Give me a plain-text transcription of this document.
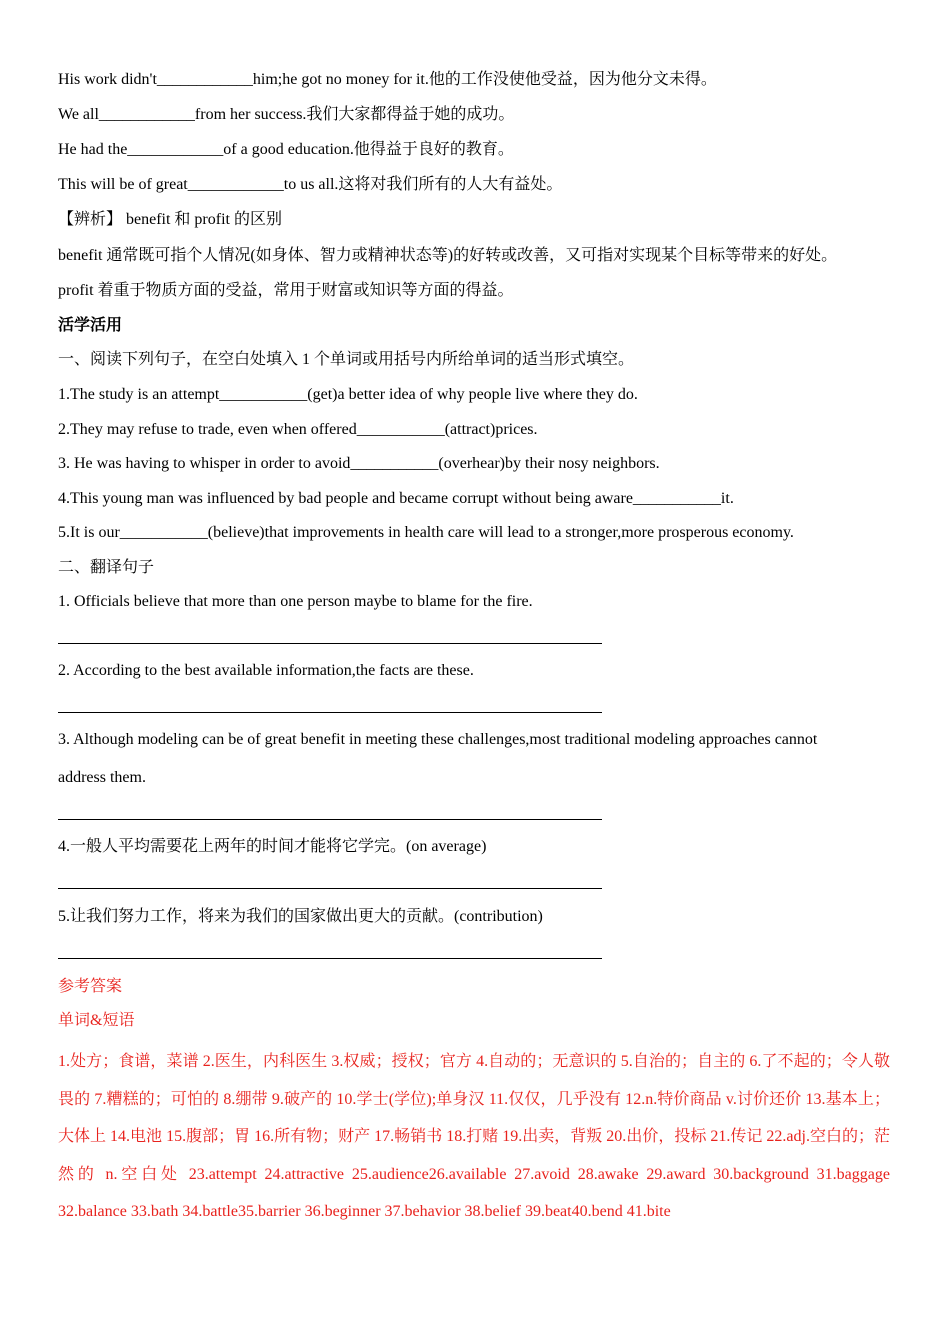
His work didn't____________him;he got no money for it.他的工作没使他受益，因为他分文未得。
We all____________from her success.我们大家都得益于她的成功。
He had the____________of a good education.他得益于良好的教育。
This will be of great____________to us all.这将对我们所有的人大有益处。
【辨析】 benefit 和 profit 的区别
benefit 通常既可指个人情况(如身体、智力或精神状态等)的好转或改善，又可指对实现某个目标等带来的好处。
profit 着重于物质方面的受益，常用于财富或知识等方面的得益。
活学活用
一、阅读下列句子，在空白处填入 1 个单词或用括号内所给单词的适当形式填空。
1.The study is an attempt___________(get)a better idea of why people live where they do.
2.They may refuse to trade, even when offered___________(attract)prices.
3. He was having to whisper in order to avoid___________(overhear)by their nosy neighbors.
4.This young man was influenced by bad people and became corrupt without being aware___________it.
5.It is our___________(believe)that improvements in health care will lead to a stronger,more prosperous economy.
二、翻译句子
1. Officials believe that more than one person maybe to blame for the fire.
2. According to the best available information,the facts are these.
3. Although modeling can be of great benefit in meeting these challenges,most traditional modeling approaches cannot
address them.
4.一般人平均需要花上两年的时间才能将它学完。(on average)
5.让我们努力工作，将来为我们的国家做出更大的贡献。(contribution)
参考答案
单词&短语
1.处方；食谱，菜谱 2.医生，内科医生 3.权威；授权；官方 4.自动的；无意识的 5.自治的；自主的 6.了不起的；令人敬畏的 7.糟糕的；可怕的 8.绷带 9.破产的 10.学士(学位);单身汉 11.仅仅，几乎没有 12.n.特价商品 v.讨价还价 13.基本上；大体上 14.电池 15.腹部；胃 16.所有物；财产 17.畅销书 18.打赌 19.出卖，背叛 20.出价，投标 21.传记 22.adj.空白的；茫然的 n.空白处 23.attempt 24.attractive 25.audience26.available 27.avoid 28.awake 29.award 30.background 31.baggage 32.balance 33.bath 34.battle35.barrier 36.beginner 37.behavior 38.belief 39.beat40.bend 41.bite
